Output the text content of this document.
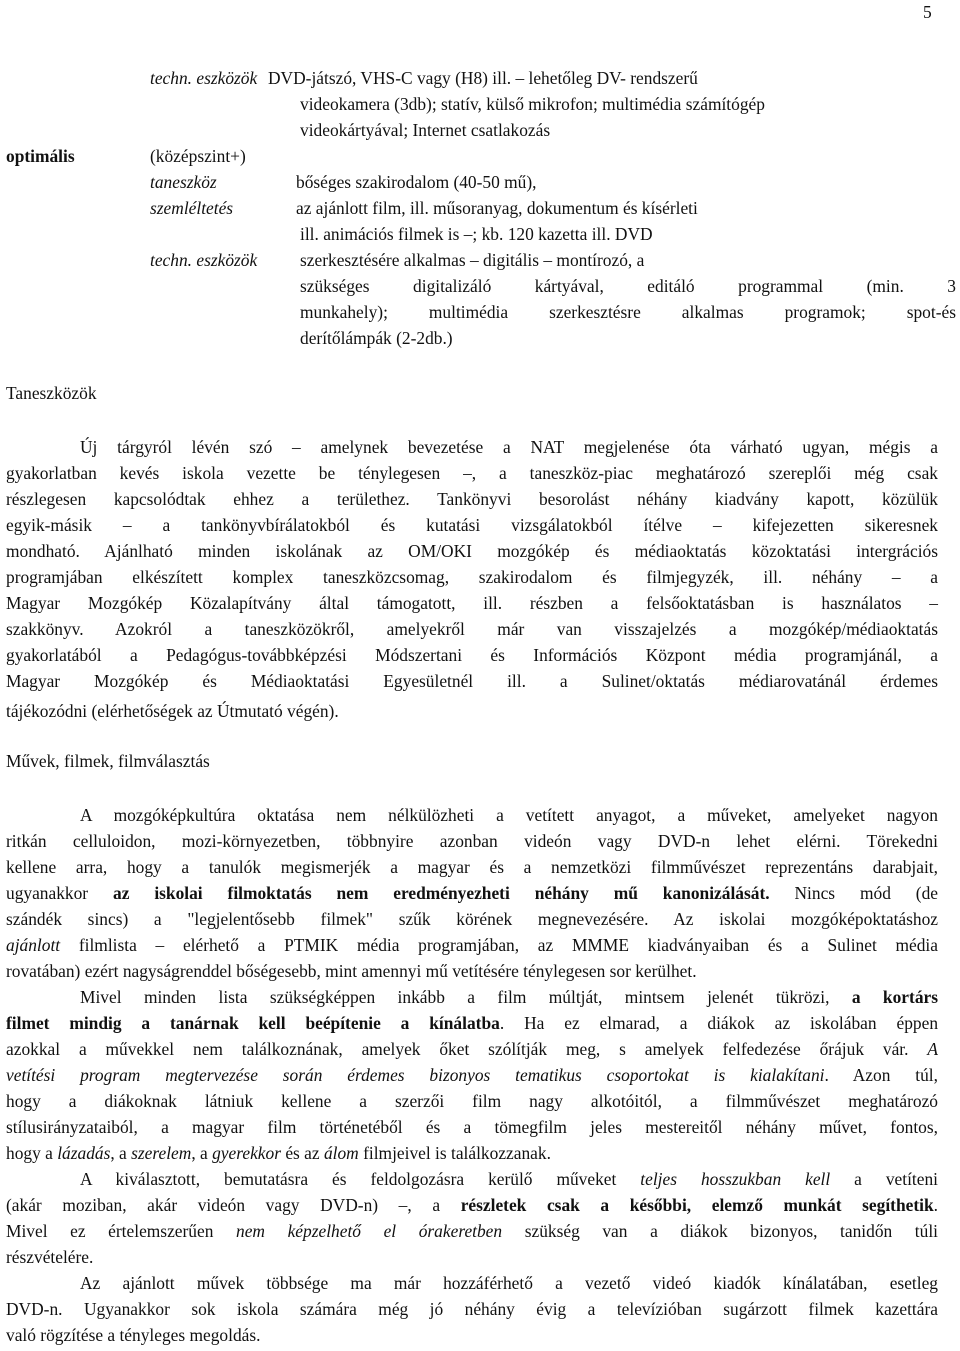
5
techn. eszközök DVD-játszó, VHS-C vagy (H8) ill. – lehetőleg DV- rendszerű
videokamera (3db); statív, külső mikrofon; multimédia számítógép
videokártyával; Internet csatlakozás
optimális	(középszint+)
taneszköz	bőséges szakirodalom (40-50 mű),
szemléltetés	az ajánlott film, ill. műsoranyag, dokumentum és kísérleti
ill. animációs filmek is –; kb. 120 kazetta ill. DVD
techn. eszközök szerkesztésére alkalmas – digitális – montírozó, a
szükséges digitalizáló kártyával, editáló programmal (min. 3
munkahely); multimédia szerkesztésre alkalmas programok; spot-és
derítőlámpák (2-2db.)
Taneszközök
Új tárgyról lévén szó – amelynek bevezetése a NAT megjelenése óta várható ugyan, mégis a
gyakorlatban kevés iskola vezette be ténylegesen –, a taneszköz-piac meghatározó szereplői még csak
részlegesen kapcsolódtak ehhez a területhez. Tankönyvi besorolást néhány kiadvány kapott, közülük
egyik-másik – a tankönyvbírálatokból és kutatási vizsgálatokból ítélve – kifejezetten sikeresnek
mondható. Ajánlható minden iskolának az OM/OKI mozgókép és médiaoktatás közoktatási intergrációs
programjában elkészített komplex taneszközcsomag, szakirodalom és filmjegyzék, ill. néhány – a
Magyar Mozgókép Közalapítvány által támogatott, ill. részben a felsőoktatásban is használatos –
szakkönyv. Azokról a taneszközökről, amelyekről már van visszajelzés a mozgókép/médiaoktatás
gyakorlatából a Pedagógus-továbbképzési Módszertani és Információs Központ média programjánál, a
Magyar Mozgókép és Médiaoktatási Egyesületnél ill. a Sulinet/oktatás médiarovatánál érdemes
tájékozódni (elérhetőségek az Útmutató végén).
Művek, filmek, filmválasztás
A mozgóképkultúra oktatása nem nélkülözheti a vetített anyagot, a műveket, amelyeket nagyon
ritkán celluloidon, mozi-környezetben, többnyire azonban videón vagy DVD-n lehet elérni. Törekedni
kellene arra, hogy a tanulók megismerjék a magyar és a nemzetközi filmművészet reprezentáns darabjait,
ugyanakkor az iskolai filmoktatás nem eredményezheti néhány mű kanonizálását. Nincs mód (de
szándék sincs) a "legjelentősebb filmek" szűk körének megnevezésére. Az iskolai mozgóképoktatáshoz
ajánlott filmlista – elérhető a PTMIK média programjában, az MMME kiadványaiban és a Sulinet média
rovatában) ezért nagyságrenddel bőségesebb, mint amennyi mű vetítésére ténylegesen sor kerülhet.
Mivel minden lista szükségképpen inkább a film múltját, mintsem jelenét tükrözi, a kortárs
filmet mindig a tanárnak kell beépítenie a kínálatba. Ha ez elmarad, a diákok az iskolában éppen
azokkal a művekkel nem találkoznának, amelyek őket szólítják meg, s amelyek felfedezése őrájuk vár. A
vetítési program megtervezése során érdemes bizonyos tematikus csoportokat is kialakítani. Azon túl,
hogy a diákoknak látniuk kellene a szerzői film nagy alkotóitól, a filmművészet meghatározó
stílusirányzataiból, a magyar film történetéből és a tömegfilm jeles mestereitől néhány művet, fontos,
hogy a lázadás, a szerelem, a gyerekkor és az álom filmjeivel is találkozzanak.
A kiválasztott, bemutatásra és feldolgozásra kerülő műveket teljes hosszukban kell a vetíteni
(akár moziban, akár videón vagy DVD-n) –, a részletek csak a későbbi, elemző munkát segíthetik.
Mivel ez értelemszerűen nem képzelhető el órakeretben szükség van a diákok bizonyos, tanidőn túli
részvételére.
Az ajánlott művek többsége ma már hozzáférhető a vezető videó kiadók kínálatában, esetleg
DVD-n. Ugyanakkor sok iskola számára még jó néhány évig a televízióban sugárzott filmek kazettára
való rögzítése a tényleges megoldás.
